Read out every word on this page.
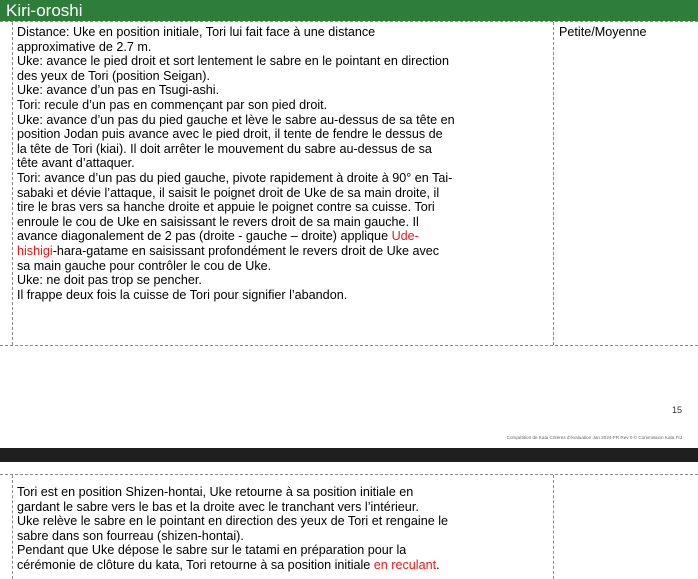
Kiri-oroshi
Distance: Uke en position initiale, Tori lui fait face à une distance
approximative de 2.7 m.
Uke: avance le pied droit et sort lentement le sabre en le pointant en direction
des yeux de Tori (position Seigan).
Uke: avance d’un pas en Tsugi-ashi.
Tori: recule d’un pas en commençant par son pied droit.
Uke: avance d’un pas du pied gauche et lève le sabre au-dessus de sa tête en
position Jodan puis avance avec le pied droit, il tente de fendre le dessus de
la tête de Tori (kiai). Il doit arrêter le mouvement du sabre au-dessus de sa
tête avant d’attaquer.
Tori: avance d’un pas du pied gauche, pivote rapidement à droite à 90° en Tai-
sabaki et dévie l’attaque, il saisit le poignet droit de Uke de sa main droite, il
tire le bras vers sa hanche droite et appuie le poignet contre sa cuisse. Tori
enroule le cou de Uke en saisissant le revers droit de sa main gauche. Il
avance diagonalement de 2 pas (droite - gauche – droite) applique Ude-
hishigi-hara-gatame en saisissant profondément le revers droit de Uke avec
sa main gauche pour contrôler le cou de Uke.
Uke: ne doit pas trop se pencher.
Il frappe deux fois la cuisse de Tori pour signifier l’abandon.
Petite/Moyenne
15
Compétition de Kata Critères d'évaluation Jan 2024-FR Rev 0 © Commission Kata FIJ
Tori est en position Shizen-hontai, Uke retourne à sa position initiale en
gardant le sabre vers le bas et la droite avec le tranchant vers l’intérieur.
Uke relève le sabre en le pointant en direction des yeux de Tori et rengaine le
sabre dans son fourreau (shizen-hontai).
Pendant que Uke dépose le sabre sur le tatami en préparation pour la
cérémonie de clôture du kata, Tori retourne à sa position initiale en reculant.
